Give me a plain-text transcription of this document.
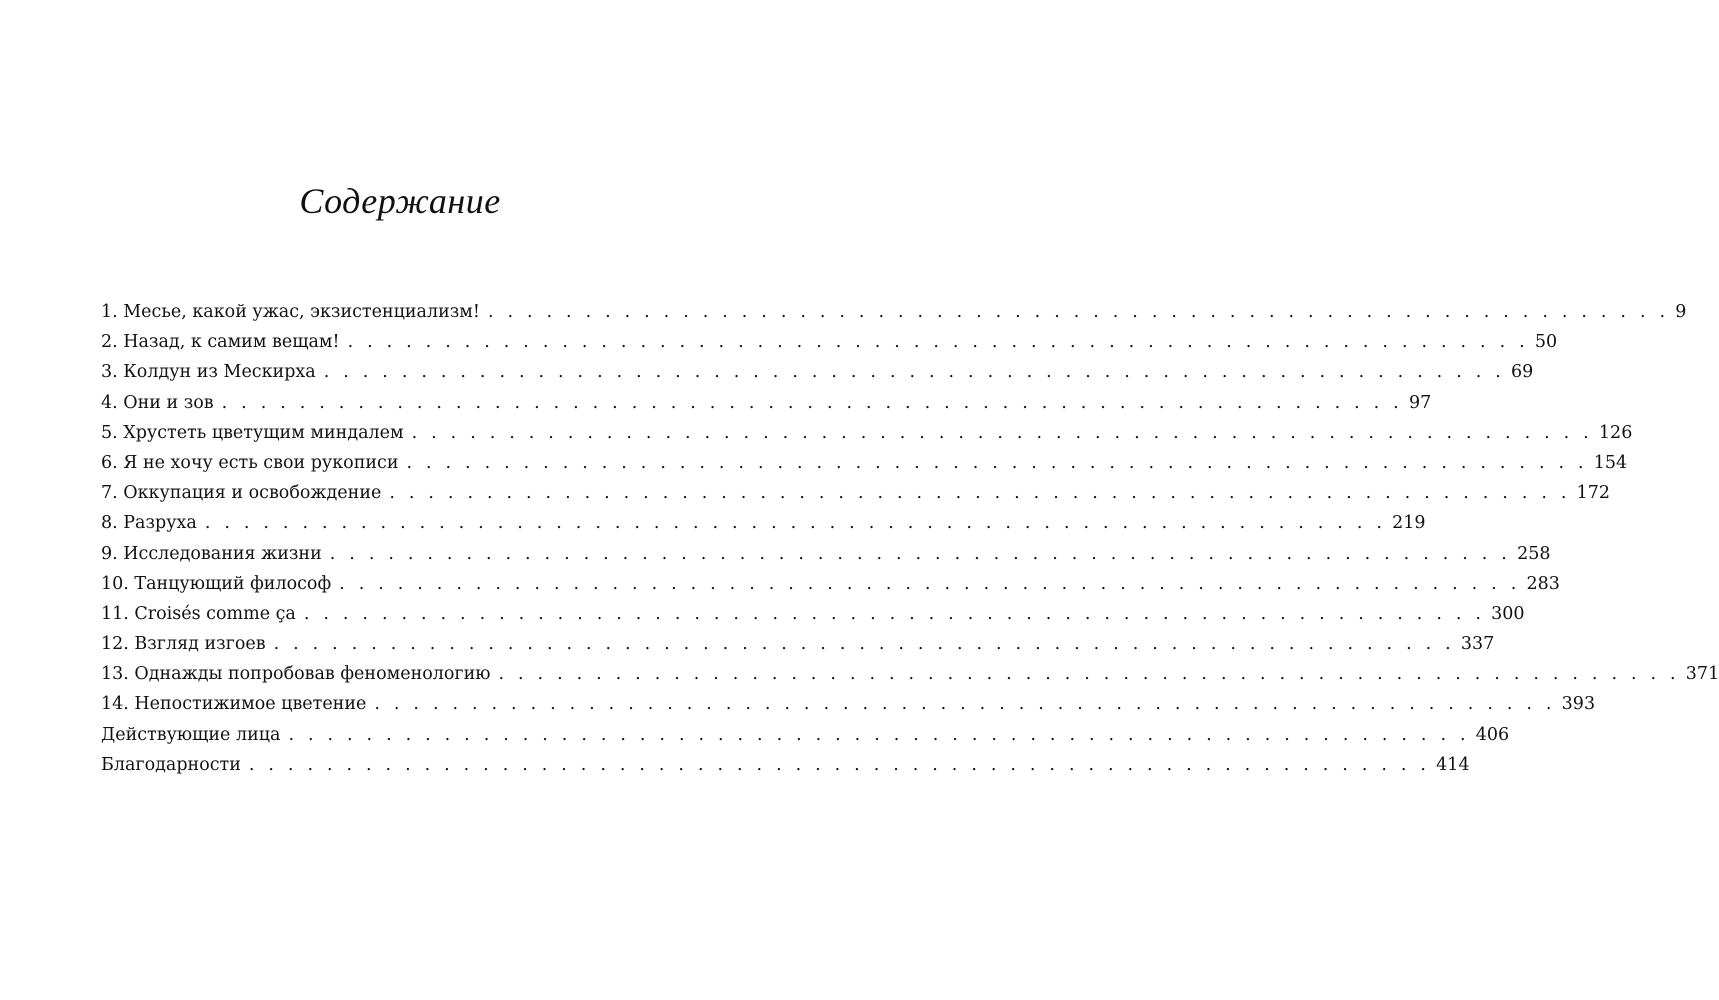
Содержание
1. Месье, какой ужас, экзистенциализм! . . . . . . . . . . . . . . . . . . . . . . . . . . . . . . . . . . . . . . . . . . . . . . . . . . . . . . . . . . . . . 9
2. Назад, к самим вещам! . . . . . . . . . . . . . . . . . . . . . . . . . . . . . . . . . . . . . . . . . . . . . . . . . . . . . . . . . . . . . 50
3. Колдун из Мескирха . . . . . . . . . . . . . . . . . . . . . . . . . . . . . . . . . . . . . . . . . . . . . . . . . . . . . . . . . . . . . 69
4. Они и зов . . . . . . . . . . . . . . . . . . . . . . . . . . . . . . . . . . . . . . . . . . . . . . . . . . . . . . . . . . . . . 97
5. Хрустеть цветущим миндалем . . . . . . . . . . . . . . . . . . . . . . . . . . . . . . . . . . . . . . . . . . . . . . . . . . . . . . . . . . . . . 126
6. Я не хочу есть свои рукописи . . . . . . . . . . . . . . . . . . . . . . . . . . . . . . . . . . . . . . . . . . . . . . . . . . . . . . . . . . . . . 154
7. Оккупация и освобождение . . . . . . . . . . . . . . . . . . . . . . . . . . . . . . . . . . . . . . . . . . . . . . . . . . . . . . . . . . . . . 172
8. Разруха . . . . . . . . . . . . . . . . . . . . . . . . . . . . . . . . . . . . . . . . . . . . . . . . . . . . . . . . . . . . . 219
9. Исследования жизни . . . . . . . . . . . . . . . . . . . . . . . . . . . . . . . . . . . . . . . . . . . . . . . . . . . . . . . . . . . . . 258
10. Танцующий философ . . . . . . . . . . . . . . . . . . . . . . . . . . . . . . . . . . . . . . . . . . . . . . . . . . . . . . . . . . . . . 283
11. Croisés comme ça . . . . . . . . . . . . . . . . . . . . . . . . . . . . . . . . . . . . . . . . . . . . . . . . . . . . . . . . . . . . . 300
12. Взгляд изгоев . . . . . . . . . . . . . . . . . . . . . . . . . . . . . . . . . . . . . . . . . . . . . . . . . . . . . . . . . . . . . 337
13. Однажды попробовав феноменологию . . . . . . . . . . . . . . . . . . . . . . . . . . . . . . . . . . . . . . . . . . . . . . . . . . . . . . . . . . . . . 371
14. Непостижимое цветение . . . . . . . . . . . . . . . . . . . . . . . . . . . . . . . . . . . . . . . . . . . . . . . . . . . . . . . . . . . . . 393
Действующие лица . . . . . . . . . . . . . . . . . . . . . . . . . . . . . . . . . . . . . . . . . . . . . . . . . . . . . . . . . . . . . 406
Благодарности . . . . . . . . . . . . . . . . . . . . . . . . . . . . . . . . . . . . . . . . . . . . . . . . . . . . . . . . . . . . . 414
